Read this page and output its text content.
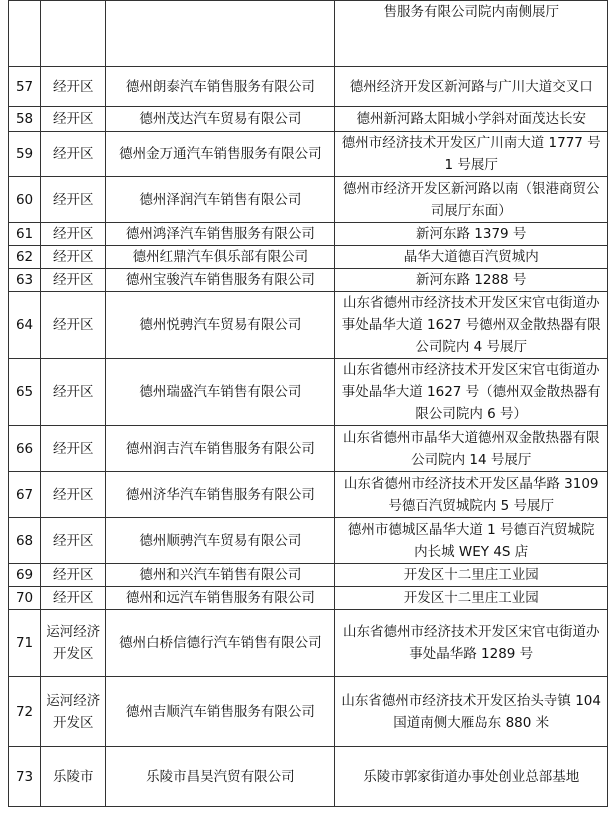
			售服务有限公司院内南侧展厅
57	经开区	德州朗泰汽车销售服务有限公司	德州经济开发区新河路与广川大道交叉口
58	经开区	德州茂达汽车贸易有限公司	德州新河路太阳城小学斜对面茂达长安
59	经开区	德州金万通汽车销售服务有限公司	德州市经济技术开发区广川南大道 1777 号 1 号展厅
60	经开区	德州泽润汽车销售有限公司	德州市经济开发区新河路以南（银港商贸公司展厅东面）
61	经开区	德州鸿泽汽车销售服务有限公司	新河东路 1379 号
62	经开区	德州红鼎汽车俱乐部有限公司	晶华大道德百汽贸城内
63	经开区	德州宝骏汽车销售服务有限公司	新河东路 1288 号
64	经开区	德州悦骋汽车贸易有限公司	山东省德州市经济技术开发区宋官屯街道办事处晶华大道 1627 号德州双金散热器有限公司院内 4 号展厅
65	经开区	德州瑞盛汽车销售有限公司	山东省德州市经济技术开发区宋官屯街道办事处晶华大道 1627 号（德州双金散热器有限公司院内 6 号）
66	经开区	德州润吉汽车销售服务有限公司	山东省德州市晶华大道德州双金散热器有限公司院内 14 号展厅
67	经开区	德州济华汽车销售服务有限公司	山东省德州市经济技术开发区晶华路 3109 号德百汽贸城院内 5 号展厅
68	经开区	德州顺骋汽车贸易有限公司	德州市德城区晶华大道 1 号德百汽贸城院内长城 WEY 4S 店
69	经开区	德州和兴汽车销售有限公司	开发区十二里庄工业园
70	经开区	德州和远汽车销售服务有限公司	开发区十二里庄工业园
71	运河经济开发区	德州白桥信德行汽车销售有限公司	山东省德州市经济技术开发区宋官屯街道办事处晶华路 1289 号
72	运河经济开发区	德州吉顺汽车销售服务有限公司	山东省德州市经济技术开发区抬头寺镇 104 国道南侧大雁岛东 880 米
73	乐陵市	乐陵市昌昊汽贸有限公司	乐陵市郭家街道办事处创业总部基地
